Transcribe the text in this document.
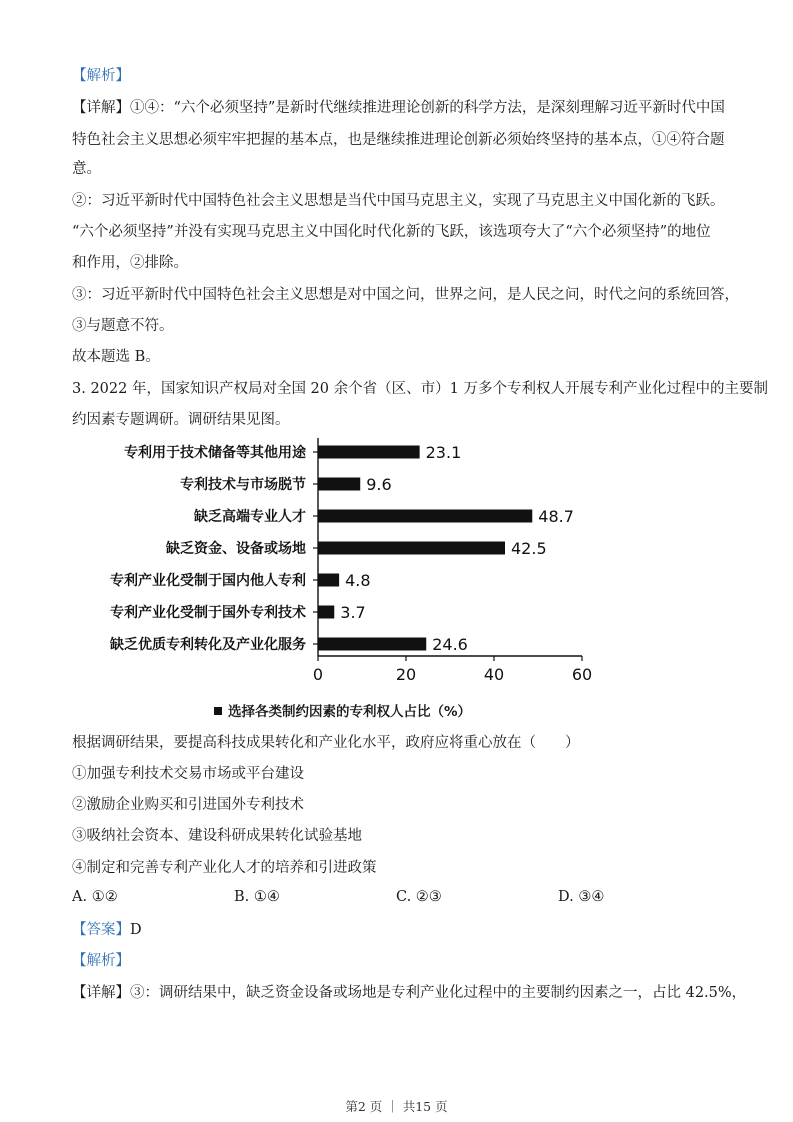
【解析】
【详解】①④：“六个必须坚持”是新时代继续推进理论创新的科学方法，是深刻理解习近平新时代中国
特色社会主义思想必须牢牢把握的基本点，也是继续推进理论创新必须始终坚持的基本点，①④符合题
意。
②：习近平新时代中国特色社会主义思想是当代中国马克思主义，实现了马克思主义中国化新的飞跃。
“六个必须坚持”并没有实现马克思主义中国化时代化新的飞跃，该选项夸大了“六个必须坚持”的地位
和作用，②排除。
③：习近平新时代中国特色社会主义思想是对中国之问，世界之问，是人民之问，时代之问的系统回答，
③与题意不符。
故本题选 B。
3. 2022 年，国家知识产权局对全国 20 余个省（区、市）1 万多个专利权人开展专利产业化过程中的主要制
约因素专题调研。调研结果见图。
专利用于技术储备等其他用途	23.1
专利技术与市场脱节	9.6
缺乏高端专业人才	48.7
缺乏资金、设备或场地	42.5
专利产业化受制于国内他人专利 4.8
专利产业化受制于国外专利技术 3.7
缺乏优质专利转化及产业化服务	24.6
0	20	40	60
选择各类制约因素的专利权人占比（%）
根据调研结果，要提高科技成果转化和产业化水平，政府应将重心放在（　　）
①加强专利技术交易市场或平台建设
②激励企业购买和引进国外专利技术
③吸纳社会资本、建设科研成果转化试验基地
④制定和完善专利产业化人才的培养和引进政策
A. ①②	B. ①④	C. ②③	D. ③④
【答案】D
【解析】
【详解】③：调研结果中，缺乏资金设备或场地是专利产业化过程中的主要制约因素之一，占比 42.5%，
第2 页 ｜ 共15 页
